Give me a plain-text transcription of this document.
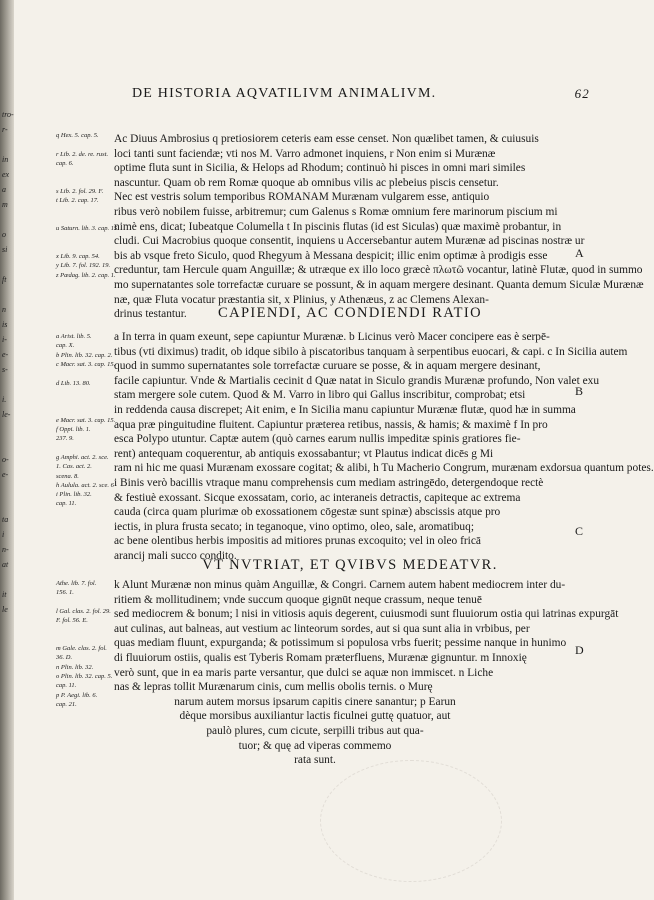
tro-
r-
in
ex
a
m
o
si
ft
n
is
i-
e-
s-
i.
le-
o-
e-
ta
i
n-
at
it
le
DE HISTORIA AQVATILIVM ANIMALIVM.	62
q Hex. 5. cap. 5.
r Lib. 2. de. re. rust.
cap. 6.
s Lib. 2. fol. 29. F.
t Lib. 2. cap. 17.
u Saturn. lib. 3. cap. 15.
x Lib. 9. cap. 54.
y Lib. 7. fol. 192. 19.
z Pædag. lib. 2. cap. 1.
a Arist. lib. 5.
cap. X.
b Plin. lib. 32. cap. 2.
c Macr. sat. 3. cap. 15.
d Lib. 13. 80.
e Macr. sat. 3. cap. 15.
f Oppi. lib. 1.
237. 9.
g Amphi. act. 2. sce.
1. Cas. act. 2.
scena. 8.
h Aulula. act. 2. sce. 6
i Plin. lib. 32.
cap. 11.
Athe. lib. 7. fol.
156. 1.
l Gal. clas. 2. fol. 29.
F. fol. 56. E.
m Gale. clas. 2. fol.
36. D.
n Plin. lib. 32.
o Plin. lib. 32. cap. 5.
cap. 11.
p P. Aegi. lib. 6.
cap. 21.
Ac Diuus Ambrosius q pretiosiorem ceteris eam esse censet. Non quælibet tamen, & cuiusuis
loci tanti sunt faciendæ; vti nos M. Varro admonet inquiens, r Non enim si Murænæ
optime fluta sunt in Sicilia, & Helops ad Rhodum; continuò hi pisces in omni mari similes
nascuntur. Quam ob rem Romæ quoque ab omnibus vilis ac plebeius piscis censetur.
Nec est vestris solum temporibus ROMANAM Murænam vulgarem esse, antiquio
ribus verò nobilem fuisse, arbitremur; cum Galenus s Romæ omnium fere marinorum piscium mi
nimè ens, dicat; Iubeatque Columella t In piscinis flutas (id est Siculas) quæ maximè probantur, in
cludi. Cui Macrobius quoque consentit, inquiens u Accersebantur autem Murænæ ad piscinas nostræ ur
bis ab vsque freto Siculo, quod Rhegyum à Messana despicit; illic enim optimæ à prodigis esse
creduntur, tam Hercule quam Anguillæ; & utræque ex illo loco græcè πλωτῶ vocantur, latinè Flutæ, quod in summo
mo supernatantes sole torrefactæ curuare se possunt, & in aquam mergere desinant. Quanta demum Siculæ Murænæ
næ, quæ Fluta vocatur præstantia sit, x Plinius, y Athenæus, z ac Clemens Alexan-
drinus testantur.	CAPIENDI, AC CONDIENDI RATIO
a In terra in quam exeunt, sepe capiuntur Murænæ. b Licinus verò Macer concipere eas è serpē-
tibus (vti diximus) tradit, ob idque sibilo à piscatoribus tanquam à serpentibus euocari, & capi. c In Sicilia autem
quod in summo supernatantes sole torrefactæ curuare se posse, & in aquam mergere desinant,
facile capiuntur. Vnde & Martialis cecinit d Quæ natat in Siculo grandis Murænæ profundo, Non valet exu
stam mergere sole cutem. Quod & M. Varro in libro qui Gallus inscribitur, comprobat; etsi
in reddenda causa discrepet; Ait enim, e In Sicilia manu capiuntur Murænæ flutæ, quod hæ in summa
aqua præ pinguitudine fluitent. Capiuntur præterea retibus, nassis, & hamis; & maximè f In pro
esca Polypo utuntur. Captæ autem (quò carnes earum nullis impeditæ spinis gratiores fie-
rent) antequam coquerentur, ab antiquis exossabantur; vt Plautus indicat dicēs g Mi
ram ni hic me quasi Murænam exossare cogitat; & alibi, h Tu Macherio Congrum, murænam exdorsua quantum potes.
i Binis verò bacillis vtraque manu comprehensis cum mediam astringēdo, detergendoque rectè
& festiuè exossant. Sicque exossatam, corio, ac interaneis detractis, capiteque ac extrema
cauda (circa quam plurimæ ob exossationem cōgestæ sunt spinæ) abscissis atque pro
iectis, in plura frusta secato; in teganoque, vino optimo, oleo, sale, aromatibuq;
ac bene olentibus herbis impositis ad mitiores prunas excoquito; vel in oleo fricā
arancij mali succo condito.
VT NVTRIAT, ET QVIBVS MEDEATVR.
k Alunt Murænæ non minus quàm Anguillæ, & Congri. Carnem autem habent mediocrem inter du-
ritiem & mollitudinem; vnde succum quoque gignūt neque crassum, neque tenuē
sed mediocrem & bonum; l nisi in vitiosis aquis degerent, cuiusmodi sunt fluuiorum ostia qui latrinas expurgāt
aut culinas, aut balneas, aut vestium ac linteorum sordes, aut si qua sunt alia in vrbibus, per
quas mediam fluunt, expurganda; & potissimum si populosa vrbs fuerit; pessime nanque in hunimo
di fluuiorum ostiis, qualis est Tyberis Romam præterfluens, Murænæ gignuntur. m Innoxię
verò sunt, que in ea maris parte versantur, que dulci se aquæ non immiscet. n Liche
nas & lepras tollit Murænarum cinis, cum mellis obolis ternis. o Murę
narum autem morsus ipsarum capitis cinere sanantur; p Earun
dèque morsibus auxiliantur lactis ficulnei guttę quatuor, aut
paulò plures, cum cicute, serpilli tribus aut qua-
tuor; & quę ad viperas commemo
rata sunt.
A
B
C
D
